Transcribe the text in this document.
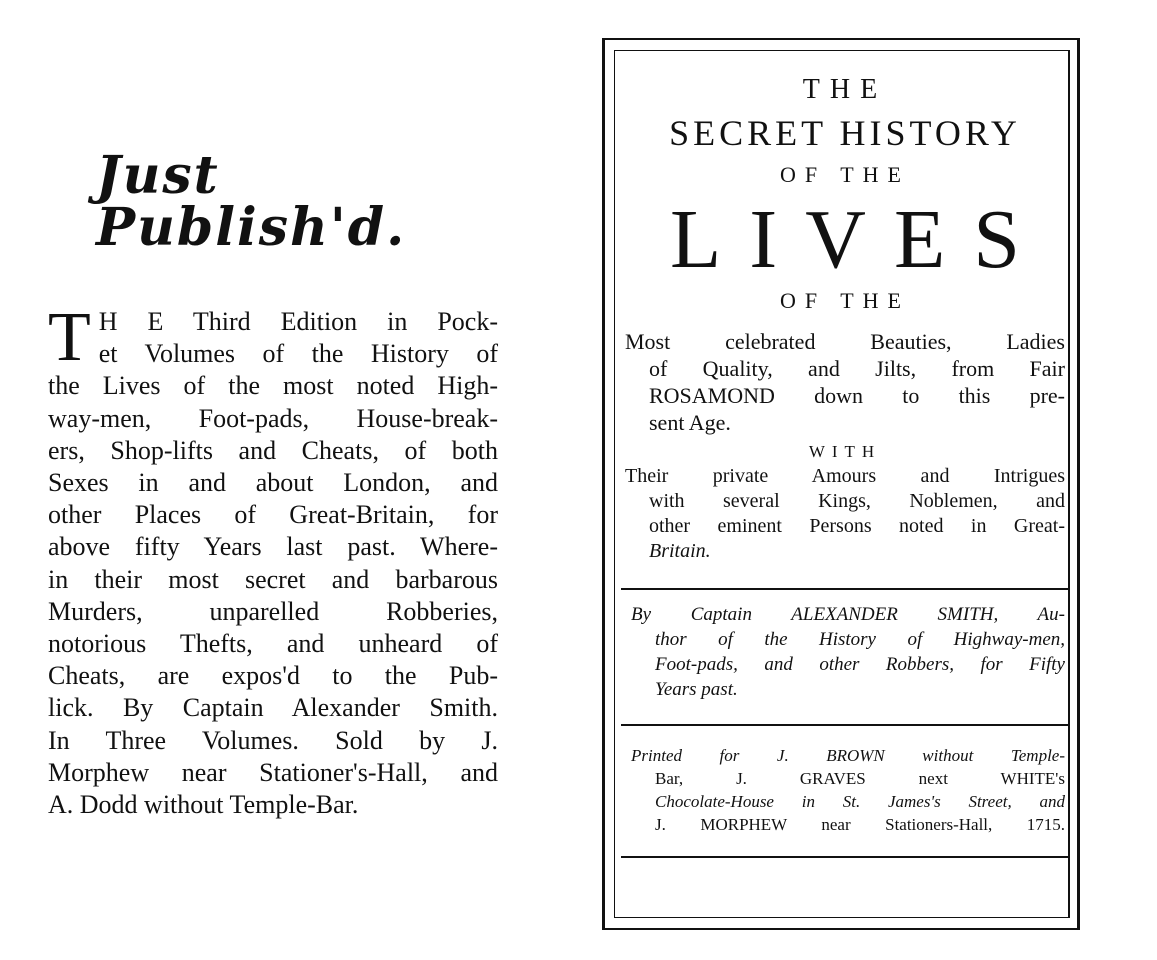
Just Publish'd.
T H E Third Edition in Pock-
et Volumes of the History of
the Lives of the most noted High-
way-men, Foot-pads, House-break-
ers, Shop-lifts and Cheats, of both
Sexes in and about London, and
other Places of Great-Britain, for
above fifty Years last past. Where-
in their most secret and barbarous
Murders, unparelled Robberies,
notorious Thefts, and unheard of
Cheats, are expos'd to the Pub-
lick. By Captain Alexander Smith.
In Three Volumes. Sold by J.
Morphew near Stationer's-Hall, and
A. Dodd without Temple-Bar.
THE
SECRET HISTORY
OF THE
LIVES
OF THE
Most celebrated Beauties, Ladies
of Quality, and Jilts, from Fair
ROSAMOND down to this pre-
sent Age.
WITH
Their private Amours and Intrigues
with several Kings, Noblemen, and
other eminent Persons noted in Great-
Britain.
By Captain ALEXANDER SMITH, Au-
thor of the History of Highway-men,
Foot-pads, and other Robbers, for Fifty
Years past.
Printed for J. BROWN without Temple-
Bar, J. GRAVES next WHITE's
Chocolate-House in St. James's Street, and
J. MORPHEW near Stationers-Hall, 1715.
